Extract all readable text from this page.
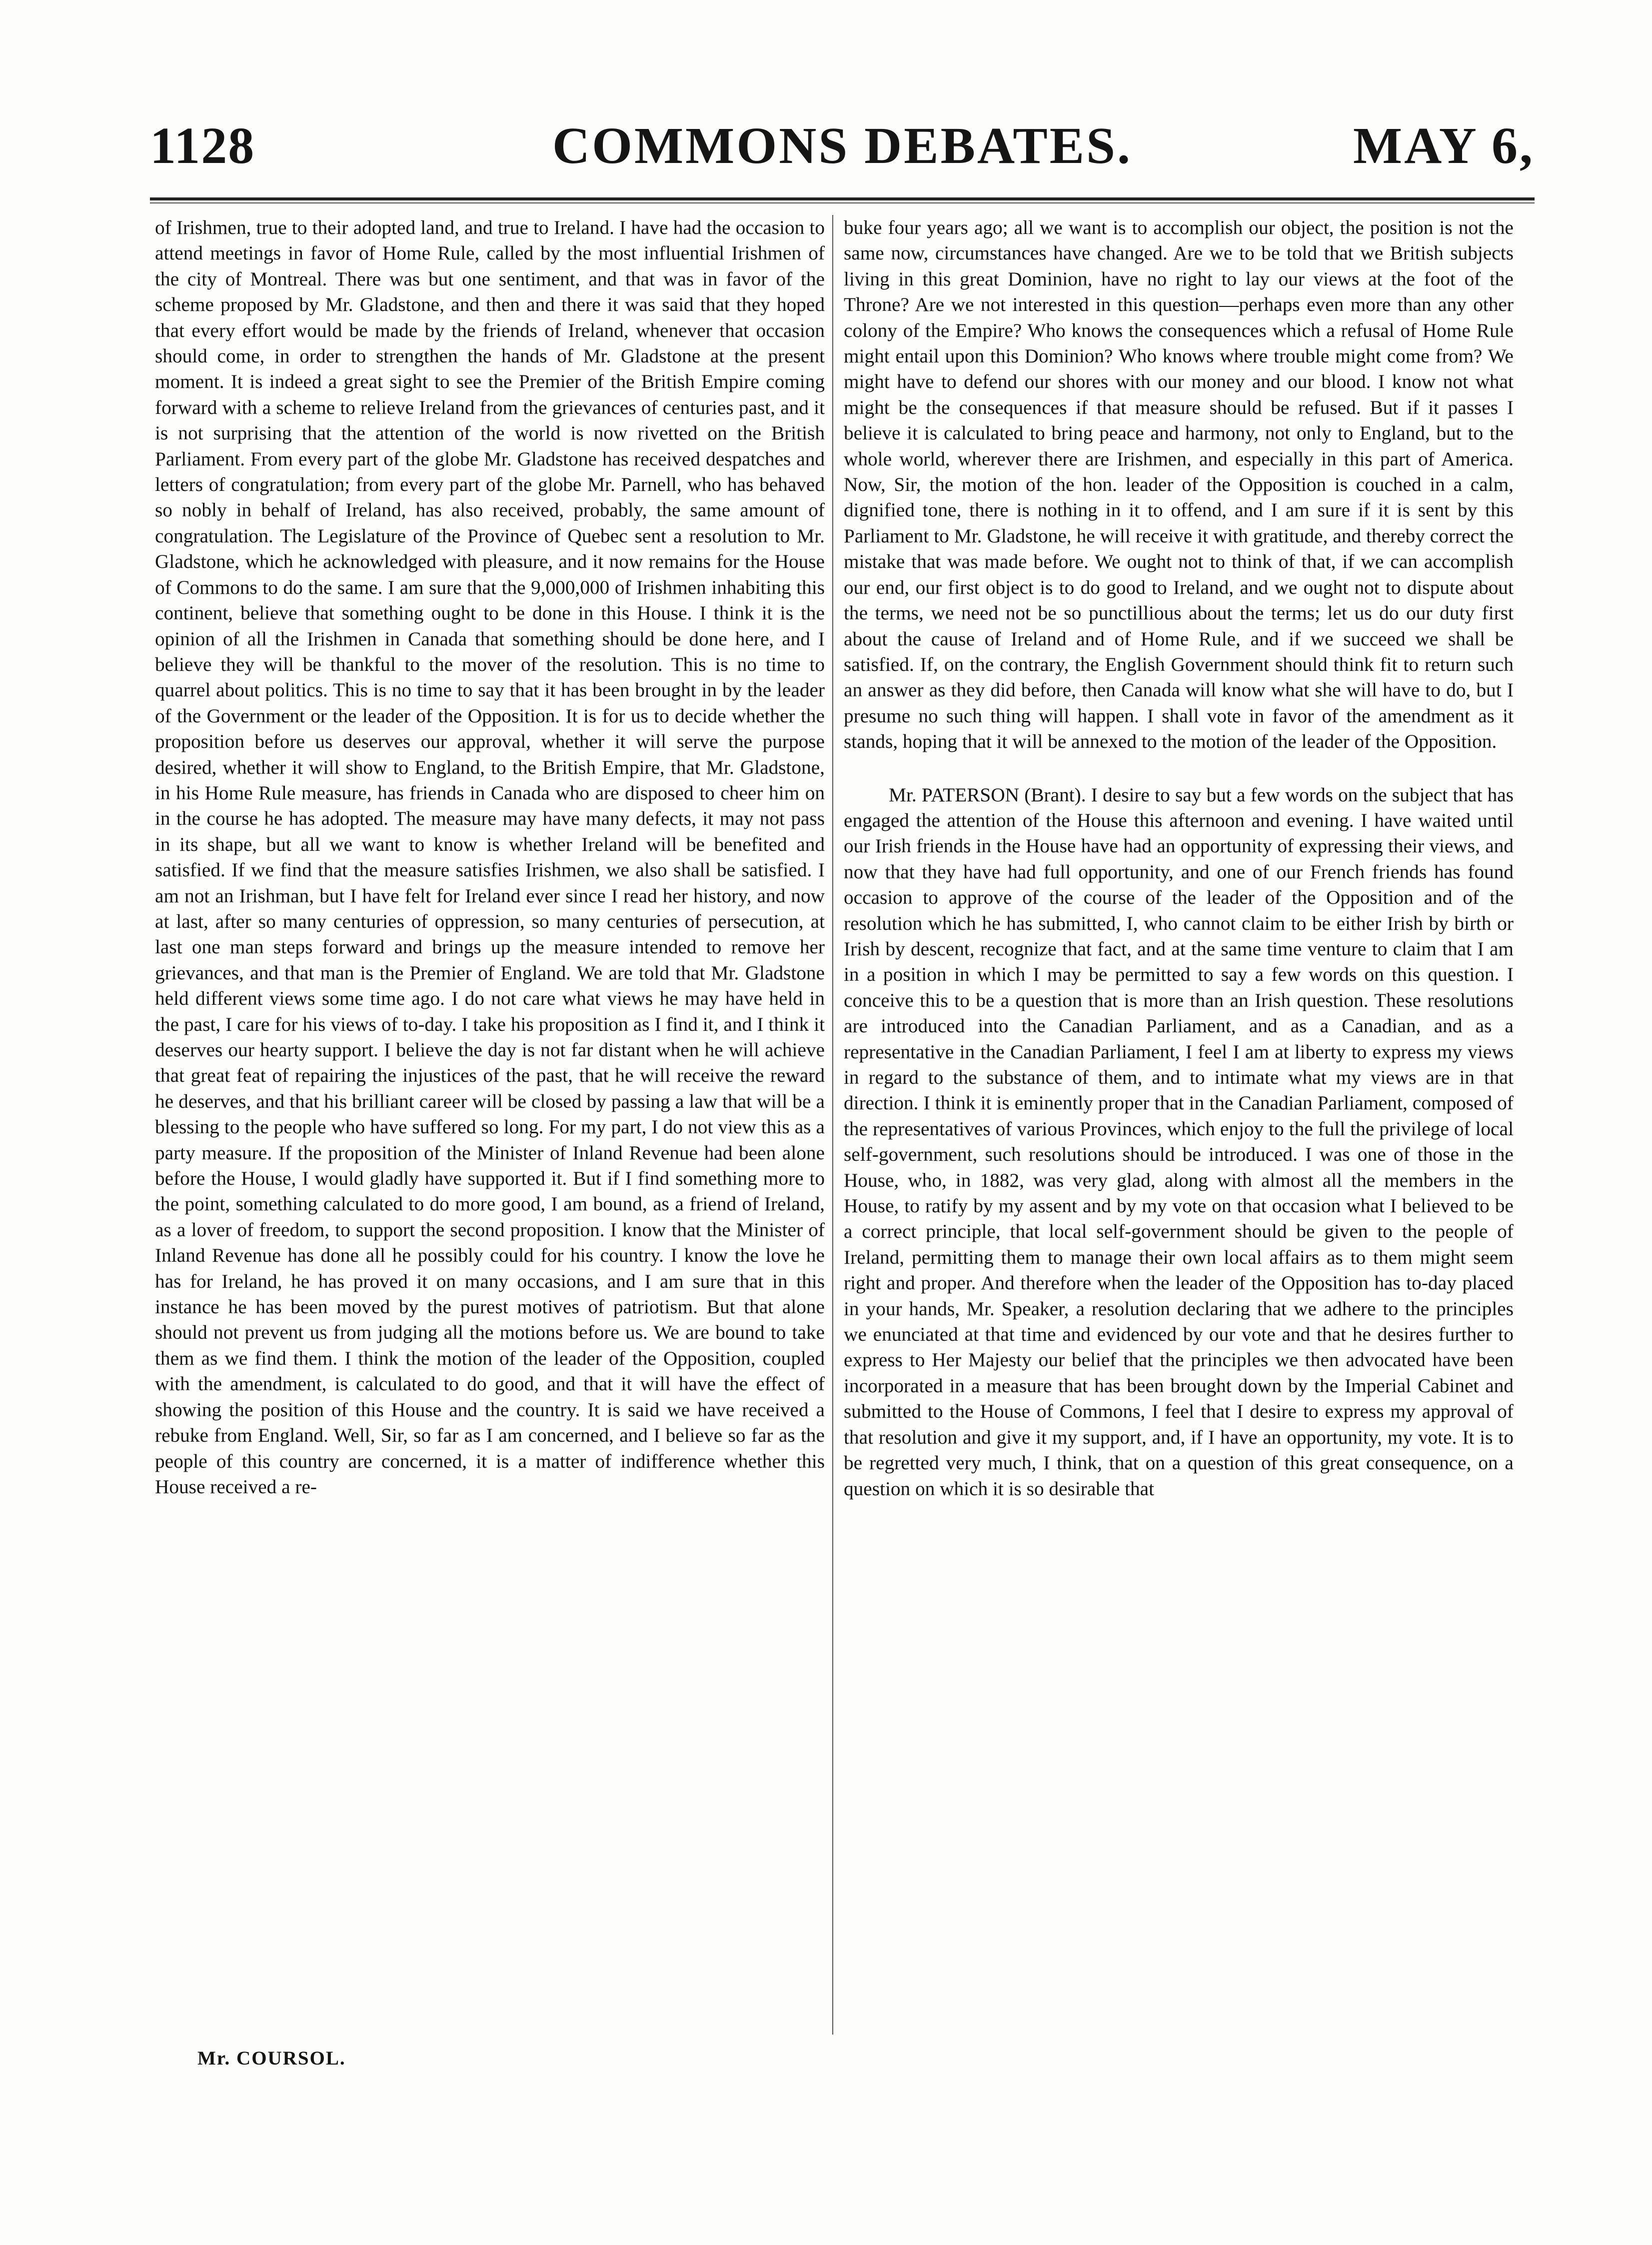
1128	COMMONS DEBATES.	MAY 6,

of Irishmen, true to their adopted land, and true to Ireland. I have had the occasion to attend meetings in favor of Home Rule, called by the most influential Irishmen of the city of Montreal. There was but one sentiment, and that was in favor of the scheme proposed by Mr. Gladstone, and then and there it was said that they hoped that every effort would be made by the friends of Ireland, whenever that occasion should come, in order to strengthen the hands of Mr. Gladstone at the present moment. It is indeed a great sight to see the Premier of the British Empire coming forward with a scheme to relieve Ireland from the grievances of centuries past, and it is not surprising that the attention of the world is now rivetted on the British Parliament. From every part of the globe Mr. Gladstone has received despatches and letters of congratulation; from every part of the globe Mr. Parnell, who has behaved so nobly in behalf of Ireland, has also received, probably, the same amount of congratulation. The Legislature of the Province of Quebec sent a resolution to Mr. Gladstone, which he acknowledged with pleasure, and it now remains for the House of Commons to do the same. I am sure that the 9,000,000 of Irishmen inhabiting this continent, believe that something ought to be done in this House. I think it is the opinion of all the Irishmen in Canada that something should be done here, and I believe they will be thankful to the mover of the resolution. This is no time to quarrel about politics. This is no time to say that it has been brought in by the leader of the Government or the leader of the Opposition. It is for us to decide whether the proposition before us deserves our approval, whether it will serve the purpose desired, whether it will show to England, to the British Empire, that Mr. Gladstone, in his Home Rule measure, has friends in Canada who are disposed to cheer him on in the course he has adopted. The measure may have many defects, it may not pass in its shape, but all we want to know is whether Ireland will be benefited and satisfied. If we find that the measure satisfies Irishmen, we also shall be satisfied. I am not an Irishman, but I have felt for Ireland ever since I read her history, and now at last, after so many centuries of oppression, so many centuries of persecution, at last one man steps forward and brings up the measure intended to remove her grievances, and that man is the Premier of England. We are told that Mr. Gladstone held different views some time ago. I do not care what views he may have held in the past, I care for his views of to-day. I take his proposition as I find it, and I think it deserves our hearty support. I believe the day is not far distant when he will achieve that great feat of repairing the injustices of the past, that he will receive the reward he deserves, and that his brilliant career will be closed by passing a law that will be a blessing to the people who have suffered so long. For my part, I do not view this as a party measure. If the proposition of the Minister of Inland Revenue had been alone before the House, I would gladly have supported it. But if I find something more to the point, something calculated to do more good, I am bound, as a friend of Ireland, as a lover of freedom, to support the second proposition. I know that the Minister of Inland Revenue has done all he possibly could for his country. I know the love he has for Ireland, he has proved it on many occasions, and I am sure that in this instance he has been moved by the purest motives of patriotism. But that alone should not prevent us from judging all the motions before us. We are bound to take them as we find them. I think the motion of the leader of the Opposition, coupled with the amendment, is calculated to do good, and that it will have the effect of showing the position of this House and the country. It is said we have received a rebuke from England. Well, Sir, so far as I am concerned, and I believe so far as the people of this country are concerned, it is a matter of indifference whether this House received a re-

buke four years ago; all we want is to accomplish our object, the position is not the same now, circumstances have changed. Are we to be told that we British subjects living in this great Dominion, have no right to lay our views at the foot of the Throne? Are we not interested in this question—perhaps even more than any other colony of the Empire? Who knows the consequences which a refusal of Home Rule might entail upon this Dominion? Who knows where trouble might come from? We might have to defend our shores with our money and our blood. I know not what might be the consequences if that measure should be refused. But if it passes I believe it is calculated to bring peace and harmony, not only to England, but to the whole world, wherever there are Irishmen, and especially in this part of America. Now, Sir, the motion of the hon. leader of the Opposition is couched in a calm, dignified tone, there is nothing in it to offend, and I am sure if it is sent by this Parliament to Mr. Gladstone, he will receive it with gratitude, and thereby correct the mistake that was made before. We ought not to think of that, if we can accomplish our end, our first object is to do good to Ireland, and we ought not to dispute about the terms, we need not be so punctillious about the terms; let us do our duty first about the cause of Ireland and of Home Rule, and if we succeed we shall be satisfied. If, on the contrary, the English Government should think fit to return such an answer as they did before, then Canada will know what she will have to do, but I presume no such thing will happen. I shall vote in favor of the amendment as it stands, hoping that it will be annexed to the motion of the leader of the Opposition.

Mr. PATERSON (Brant). I desire to say but a few words on the subject that has engaged the attention of the House this afternoon and evening. I have waited until our Irish friends in the House have had an opportunity of expressing their views, and now that they have had full opportunity, and one of our French friends has found occasion to approve of the course of the leader of the Opposition and of the resolution which he has submitted, I, who cannot claim to be either Irish by birth or Irish by descent, recognize that fact, and at the same time venture to claim that I am in a position in which I may be permitted to say a few words on this question. I conceive this to be a question that is more than an Irish question. These resolutions are introduced into the Canadian Parliament, and as a Canadian, and as a representative in the Canadian Parliament, I feel I am at liberty to express my views in regard to the substance of them, and to intimate what my views are in that direction. I think it is eminently proper that in the Canadian Parliament, composed of the representatives of various Provinces, which enjoy to the full the privilege of local self-government, such resolutions should be introduced. I was one of those in the House, who, in 1882, was very glad, along with almost all the members in the House, to ratify by my assent and by my vote on that occasion what I believed to be a correct principle, that local self-government should be given to the people of Ireland, permitting them to manage their own local affairs as to them might seem right and proper. And therefore when the leader of the Opposition has to-day placed in your hands, Mr. Speaker, a resolution declaring that we adhere to the principles we enunciated at that time and evidenced by our vote and that he desires further to express to Her Majesty our belief that the principles we then advocated have been incorporated in a measure that has been brought down by the Imperial Cabinet and submitted to the House of Commons, I feel that I desire to express my approval of that resolution and give it my support, and, if I have an opportunity, my vote. It is to be regretted very much, I think, that on a question of this great consequence, on a question on which it is so desirable that

Mr. COURSOL.
